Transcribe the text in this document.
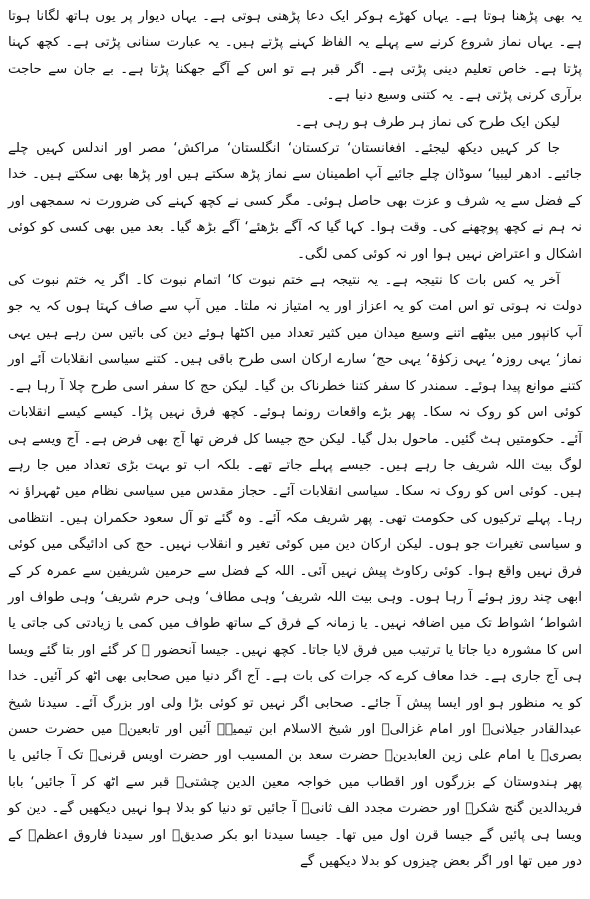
یہ بھی پڑھنا ہوتا ہے۔ یہاں کھڑے ہوکر ایک دعا پڑھنی ہوتی ہے۔ یہاں دیوار پر یوں ہاتھ لگانا ہوتا ہے۔ یہاں نماز شروع کرنے سے پہلے یہ الفاظ کہنے پڑتے ہیں۔ یہ عبارت سنانی پڑتی ہے۔ کچھ کہنا پڑتا ہے۔ خاص تعلیم دینی پڑتی ہے۔ اگر قبر ہے تو اس کے آگے جھکنا پڑتا ہے۔ بے جان سے حاجت برآری کرنی پڑتی ہے۔ یہ کتنی وسیع دنیا ہے۔

لیکن ایک طرح کی نماز ہر طرف ہو رہی ہے۔

جا کر کہیں دیکھ لیجئے۔ افغانستان‘ ترکستان‘ انگلستان‘ مراکش‘ مصر اور اندلس کہیں چلے جائیے۔ ادھر لیبیا‘ سوڈان چلے جائیے آپ اطمینان سے نماز پڑھ سکتے ہیں اور پڑھا بھی سکتے ہیں۔ خدا کے فضل سے یہ شرف و عزت بھی حاصل ہوئی۔ مگر کسی نے کچھ کہنے کی ضرورت نہ سمجھی اور نہ ہم نے کچھ پوچھنے کی۔ وقت ہوا۔ کہا گیا کہ آگے بڑھئے‘ آگے بڑھ گیا۔ بعد میں بھی کسی کو کوئی اشکال و اعتراض نہیں ہوا اور نہ کوئی کمی لگی۔

آخر یہ کس بات کا نتیجہ ہے۔ یہ نتیجہ ہے ختم نبوت کا‘ اتمام نبوت کا۔ اگر یہ ختم نبوت کی دولت نہ ہوتی تو اس امت کو یہ اعزاز اور یہ امتیاز نہ ملتا۔ میں آپ سے صاف کہتا ہوں کہ یہ جو آپ کانپور میں بیٹھے اتنے وسیع میدان میں کثیر تعداد میں اکٹھا ہوئے دین کی باتیں سن رہے ہیں یہی نماز‘ یہی روزہ‘ یہی زکوٰۃ‘ یہی حج‘ سارے ارکان اسی طرح باقی ہیں۔ کتنے سیاسی انقلابات آئے اور کتنے موانع پیدا ہوئے۔ سمندر کا سفر کتنا خطرناک بن گیا۔ لیکن حج کا سفر اسی طرح چلا آ رہا ہے۔ کوئی اس کو روک نہ سکا۔ پھر بڑے واقعات رونما ہوئے۔ کچھ فرق نہیں پڑا۔ کیسے کیسے انقلابات آئے۔ حکومتیں ہٹ گئیں۔ ماحول بدل گیا۔ لیکن حج جیسا کل فرض تھا آج بھی فرض ہے۔ آج ویسے ہی لوگ بیت اللہ شریف جا رہے ہیں۔ جیسے پہلے جاتے تھے۔ بلکہ اب تو بہت بڑی تعداد میں جا رہے ہیں۔ کوئی اس کو روک نہ سکا۔ سیاسی انقلابات آئے۔ حجاز مقدس میں سیاسی نظام میں ٹھہراؤ نہ رہا۔ پہلے ترکیوں کی حکومت تھی۔ پھر شریف مکہ آئے۔ وہ گئے تو آل سعود حکمران ہیں۔ انتظامی و سیاسی تغیرات جو ہوں۔ لیکن ارکان دین میں کوئی تغیر و انقلاب نہیں۔ حج کی ادائیگی میں کوئی فرق نہیں واقع ہوا۔ کوئی رکاوٹ پیش نہیں آئی۔ اللہ کے فضل سے حرمین شریفین سے عمرہ کر کے ابھی چند روز ہوئے آ رہا ہوں۔ وہی بیت اللہ شریف‘ وہی مطاف‘ وہی حرم شریف‘ وہی طواف اور اشواط‘ اشواط تک میں اضافہ نہیں۔ یا زمانہ کے فرق کے ساتھ طواف میں کمی یا زیادتی کی جاتی یا اس کا مشورہ دیا جاتا یا ترتیب میں فرق لایا جاتا۔ کچھ نہیں۔ جیسا آنحضور ﷺ کر گئے اور بتا گئے ویسا ہی آج جاری ہے۔ خدا معاف کرے کہ جرات کی بات ہے۔ آج اگر دنیا میں صحابی بھی اٹھ کر آئیں۔ خدا کو یہ منظور ہو اور ایسا پیش آ جائے۔ صحابی اگر نہیں تو کوئی بڑا ولی اور بزرگ آئے۔ سیدنا شیخ عبدالقادر جیلانیؒ اور امام غزالیؒ اور شیخ الاسلام ابن تیمیہؒ آئیں اور تابعینؒ میں حضرت حسن بصریؒ یا امام علی زین العابدینؒ حضرت سعد بن المسیب اور حضرت اویس قرنیؒ تک آ جائیں یا پھر ہندوستان کے بزرگوں اور اقطاب میں خواجہ معین الدین چشتیؒ قبر سے اٹھ کر آ جائیں‘ بابا فریدالدین گنج شکرؒ اور حضرت مجدد الف ثانیؒ آ جائیں تو دنیا کو بدلا ہوا نہیں دیکھیں گے۔ دین کو ویسا ہی پائیں گے جیسا قرن اول میں تھا۔ جیسا سیدنا ابو بکر صدیقؓ اور سیدنا فاروق اعظمؓ کے دور میں تھا اور اگر بعض چیزوں کو بدلا دیکھیں گے
